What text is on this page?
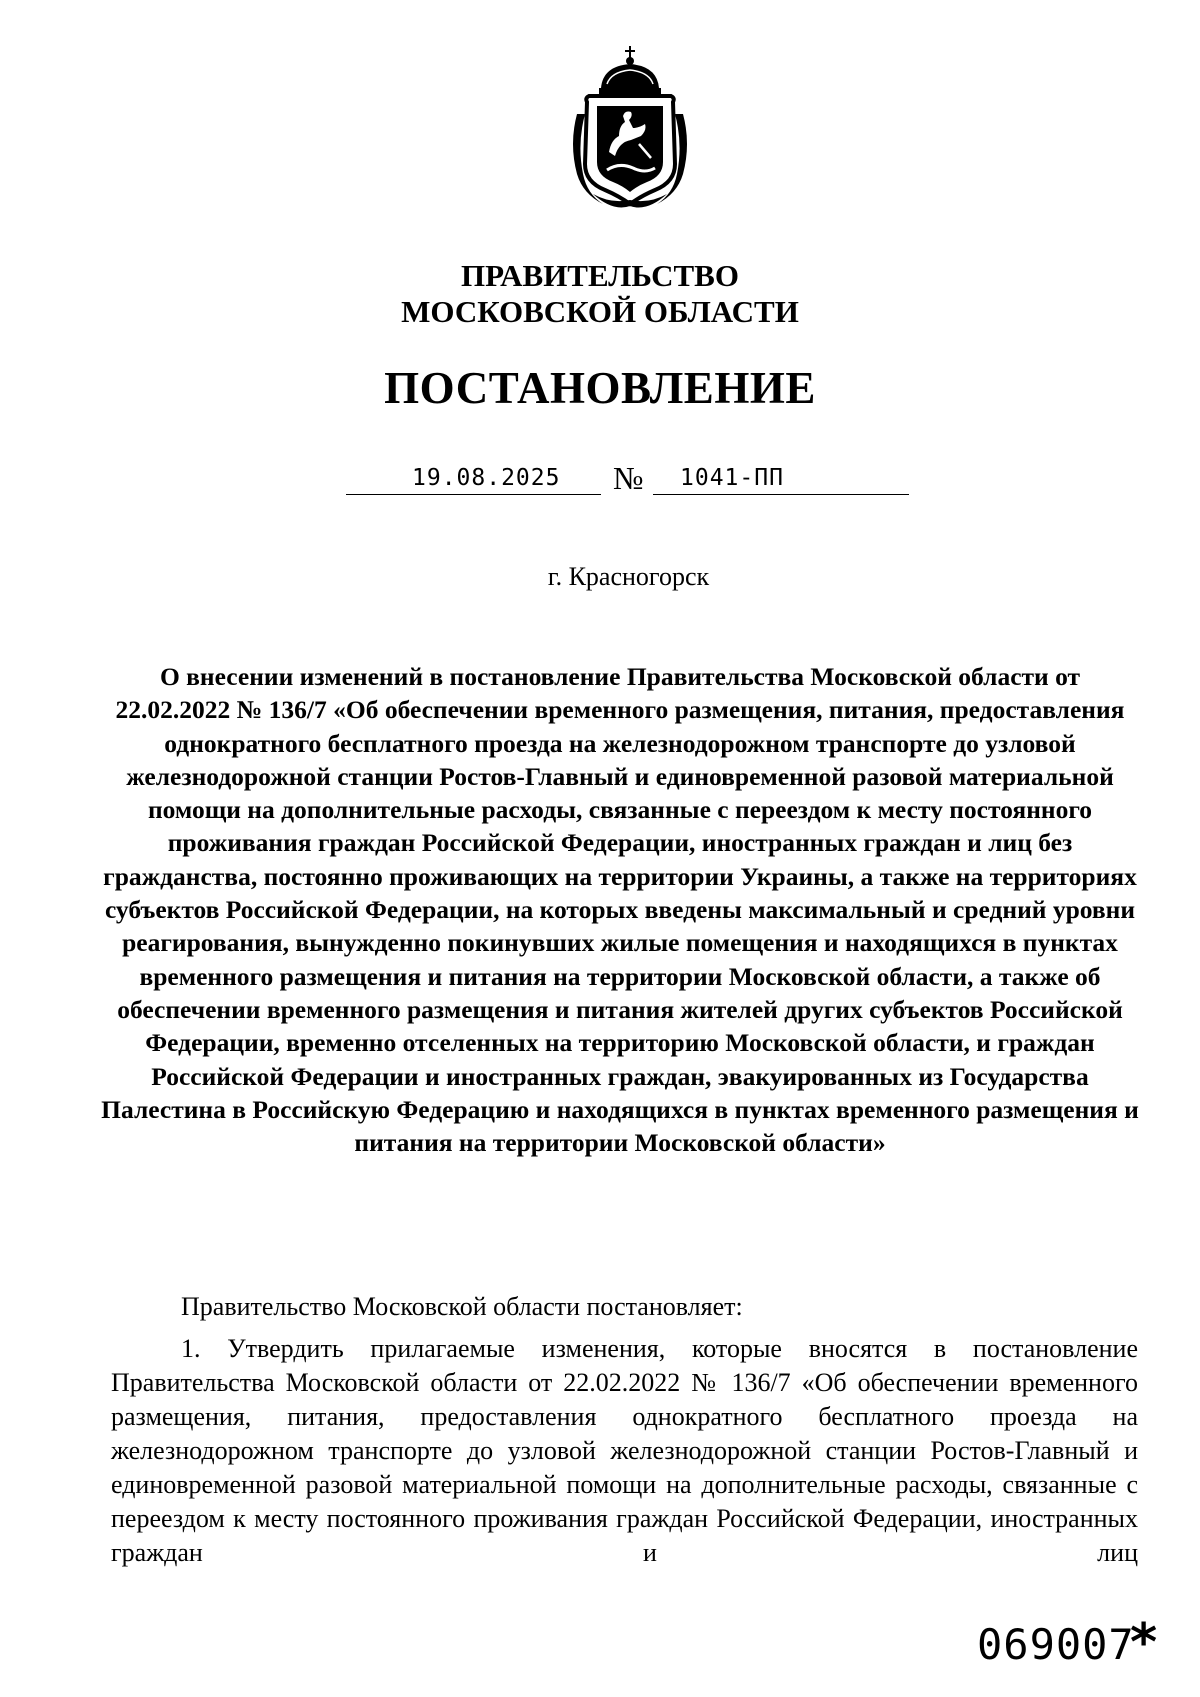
ПРАВИТЕЛЬСТВО
МОСКОВСКОЙ ОБЛАСТИ
ПОСТАНОВЛЕНИЕ
19.08.2025 № 1041-ПП
г. Красногорск
О внесении изменений в постановление Правительства Московской области от 22.02.2022 № 136/7 «Об обеспечении временного размещения, питания, предоставления однократного бесплатного проезда на железнодорожном транспорте до узловой железнодорожной станции Ростов-Главный и единовременной разовой материальной помощи на дополнительные расходы, связанные с переездом к месту постоянного проживания граждан Российской Федерации, иностранных граждан и лиц без гражданства, постоянно проживающих на территории Украины, а также на территориях субъектов Российской Федерации, на которых введены максимальный и средний уровни реагирования, вынужденно покинувших жилые помещения и находящихся в пунктах временного размещения и питания на территории Московской области, а также об обеспечении временного размещения и питания жителей других субъектов Российской Федерации, временно отселенных на территорию Московской области, и граждан Российской Федерации и иностранных граждан, эвакуированных из Государства Палестина в Российскую Федерацию и находящихся в пунктах временного размещения и питания на территории Московской области»
Правительство Московской области постановляет:
1. Утвердить прилагаемые изменения, которые вносятся в постановление Правительства Московской области от 22.02.2022 № 136/7 «Об обеспечении временного размещения, питания, предоставления однократного бесплатного проезда на железнодорожном транспорте до узловой железнодорожной станции Ростов-Главный и единовременной разовой материальной помощи на дополнительные расходы, связанные с переездом к месту постоянного проживания граждан Российской Федерации, иностранных граждан и лиц
069007
*
